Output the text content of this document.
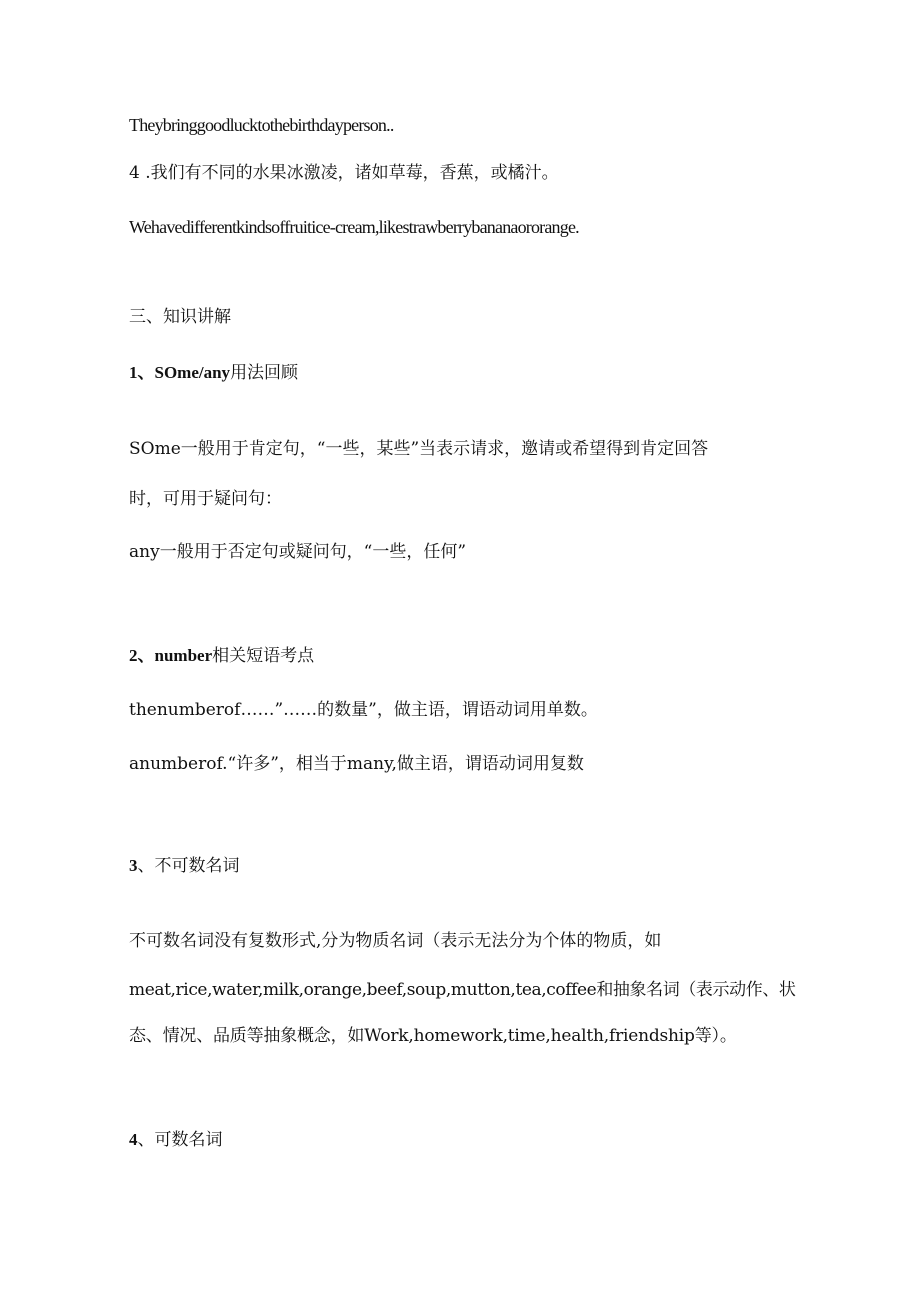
Theybringgoodlucktothebirthdayperson..

4 .我们有不同的水果冰激凌，诸如草莓，香蕉，或橘汁。

Wehavedifferentkindsoffruitice-cream,likestrawberrybananaororange.

三、知识讲解

1、SOme/any用法回顾

SOme一般用于肯定句，“一些，某些”当表示请求，邀请或希望得到肯定回答

时，可用于疑问句：

any一般用于否定句或疑问句，“一些，任何”

2、number相关短语考点

thenumberof……”……的数量”，做主语，谓语动词用单数。

anumberof.“许多”，相当于many,做主语，谓语动词用复数

3、不可数名词

不可数名词没有复数形式,分为物质名词（表示无法分为个体的物质，如

meat,rice,water,milk,orange,beef,soup,mutton,tea,coffee和抽象名词（表示动作、状

态、情况、品质等抽象概念，如Work,homework,time,health,friendship等）。

4、可数名词
